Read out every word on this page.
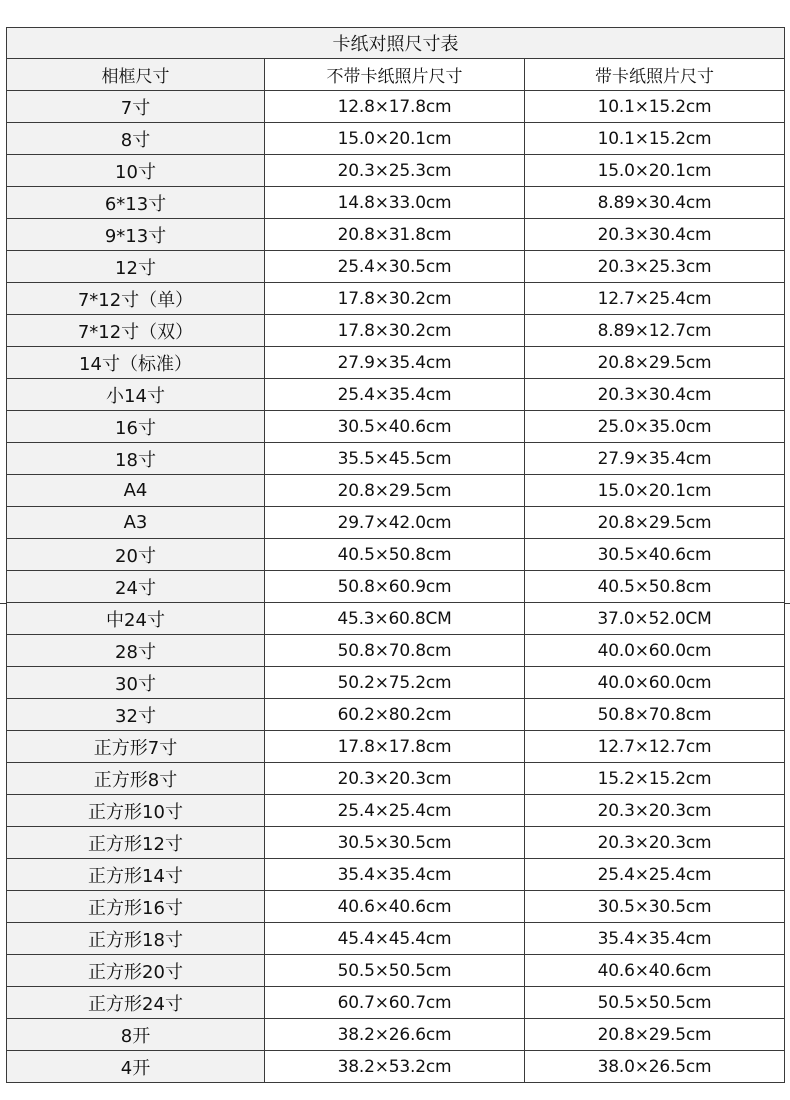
卡纸对照尺寸表		
相框尺寸	不带卡纸照片尺寸	带卡纸照片尺寸
7寸	12.8×17.8cm	10.1×15.2cm
8寸	15.0×20.1cm	10.1×15.2cm
10寸	20.3×25.3cm	15.0×20.1cm
6*13寸	14.8×33.0cm	8.89×30.4cm
9*13寸	20.8×31.8cm	20.3×30.4cm
12寸	25.4×30.5cm	20.3×25.3cm
7*12寸（单）	17.8×30.2cm	12.7×25.4cm
7*12寸（双）	17.8×30.2cm	8.89×12.7cm
14寸（标准）	27.9×35.4cm	20.8×29.5cm
小14寸	25.4×35.4cm	20.3×30.4cm
16寸	30.5×40.6cm	25.0×35.0cm
18寸	35.5×45.5cm	27.9×35.4cm
A4	20.8×29.5cm	15.0×20.1cm
A3	29.7×42.0cm	20.8×29.5cm
20寸	40.5×50.8cm	30.5×40.6cm
24寸	50.8×60.9cm	40.5×50.8cm
中24寸	45.3×60.8CM	37.0×52.0CM
28寸	50.8×70.8cm	40.0×60.0cm
30寸	50.2×75.2cm	40.0×60.0cm
32寸	60.2×80.2cm	50.8×70.8cm
正方形7寸	17.8×17.8cm	12.7×12.7cm
正方形8寸	20.3×20.3cm	15.2×15.2cm
正方形10寸	25.4×25.4cm	20.3×20.3cm
正方形12寸	30.5×30.5cm	20.3×20.3cm
正方形14寸	35.4×35.4cm	25.4×25.4cm
正方形16寸	40.6×40.6cm	30.5×30.5cm
正方形18寸	45.4×45.4cm	35.4×35.4cm
正方形20寸	50.5×50.5cm	40.6×40.6cm
正方形24寸	60.7×60.7cm	50.5×50.5cm
8开	38.2×26.6cm	20.8×29.5cm
4开	38.2×53.2cm	38.0×26.5cm
